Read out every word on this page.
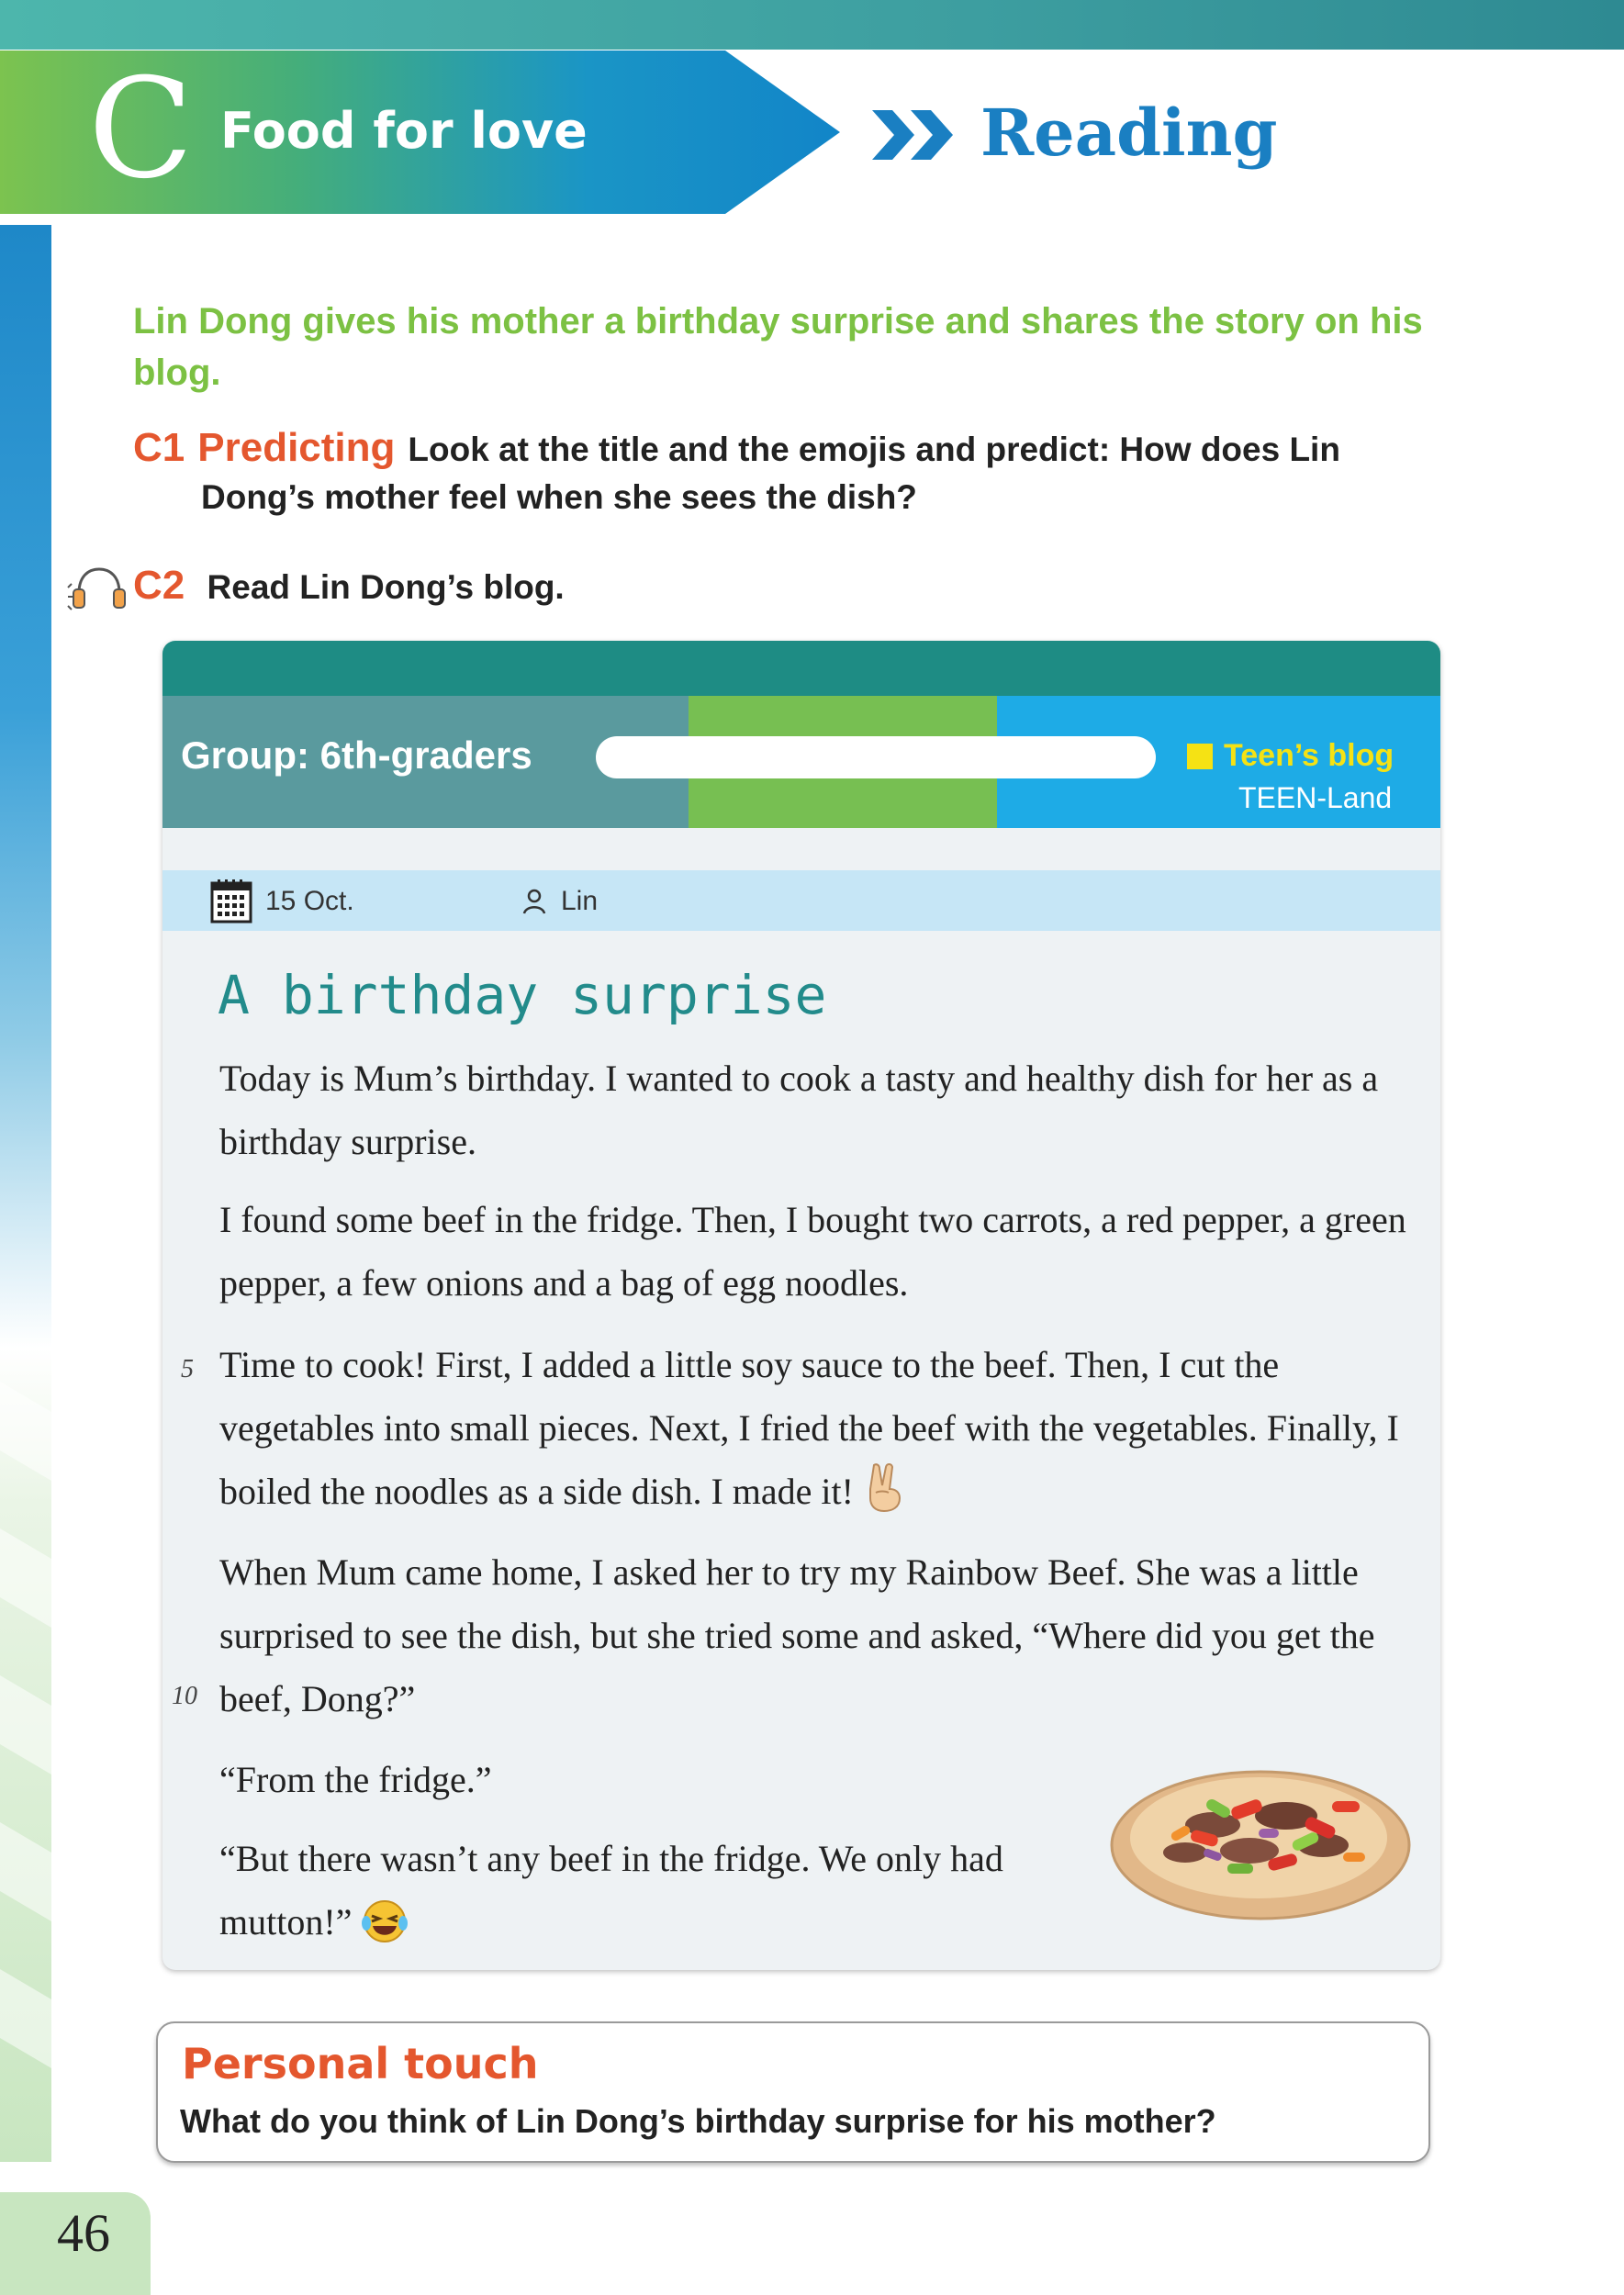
C Food for love	Reading
Lin Dong gives his mother a birthday surprise and shares the story on his blog.
C1 Predicting Look at the title and the emojis and predict: How does Lin
Dong’s mother feel when she sees the dish?
C2 Read Lin Dong’s blog.
Group: 6th-graders	Teen’s blog
TEEN-Land
15 Oct.	Lin
A birthday surprise
Today is Mum’s birthday. I wanted to cook a tasty and healthy dish for her as a birthday surprise.
I found some beef in the fridge. Then, I bought two carrots, a red pepper, a green pepper, a few onions and a bag of egg noodles.
Time to cook! First, I added a little soy sauce to the beef. Then, I cut the vegetables into small pieces. Next, I fried the beef with the vegetables. Finally, I boiled the noodles as a side dish. I made it!
When Mum came home, I asked her to try my Rainbow Beef. She was a little surprised to see the dish, but she tried some and asked, “Where did you get the beef, Dong?”
“From the fridge.”
“But there wasn’t any beef in the fridge. We only had mutton!”
5
10
Personal touch
What do you think of Lin Dong’s birthday surprise for his mother?
46
